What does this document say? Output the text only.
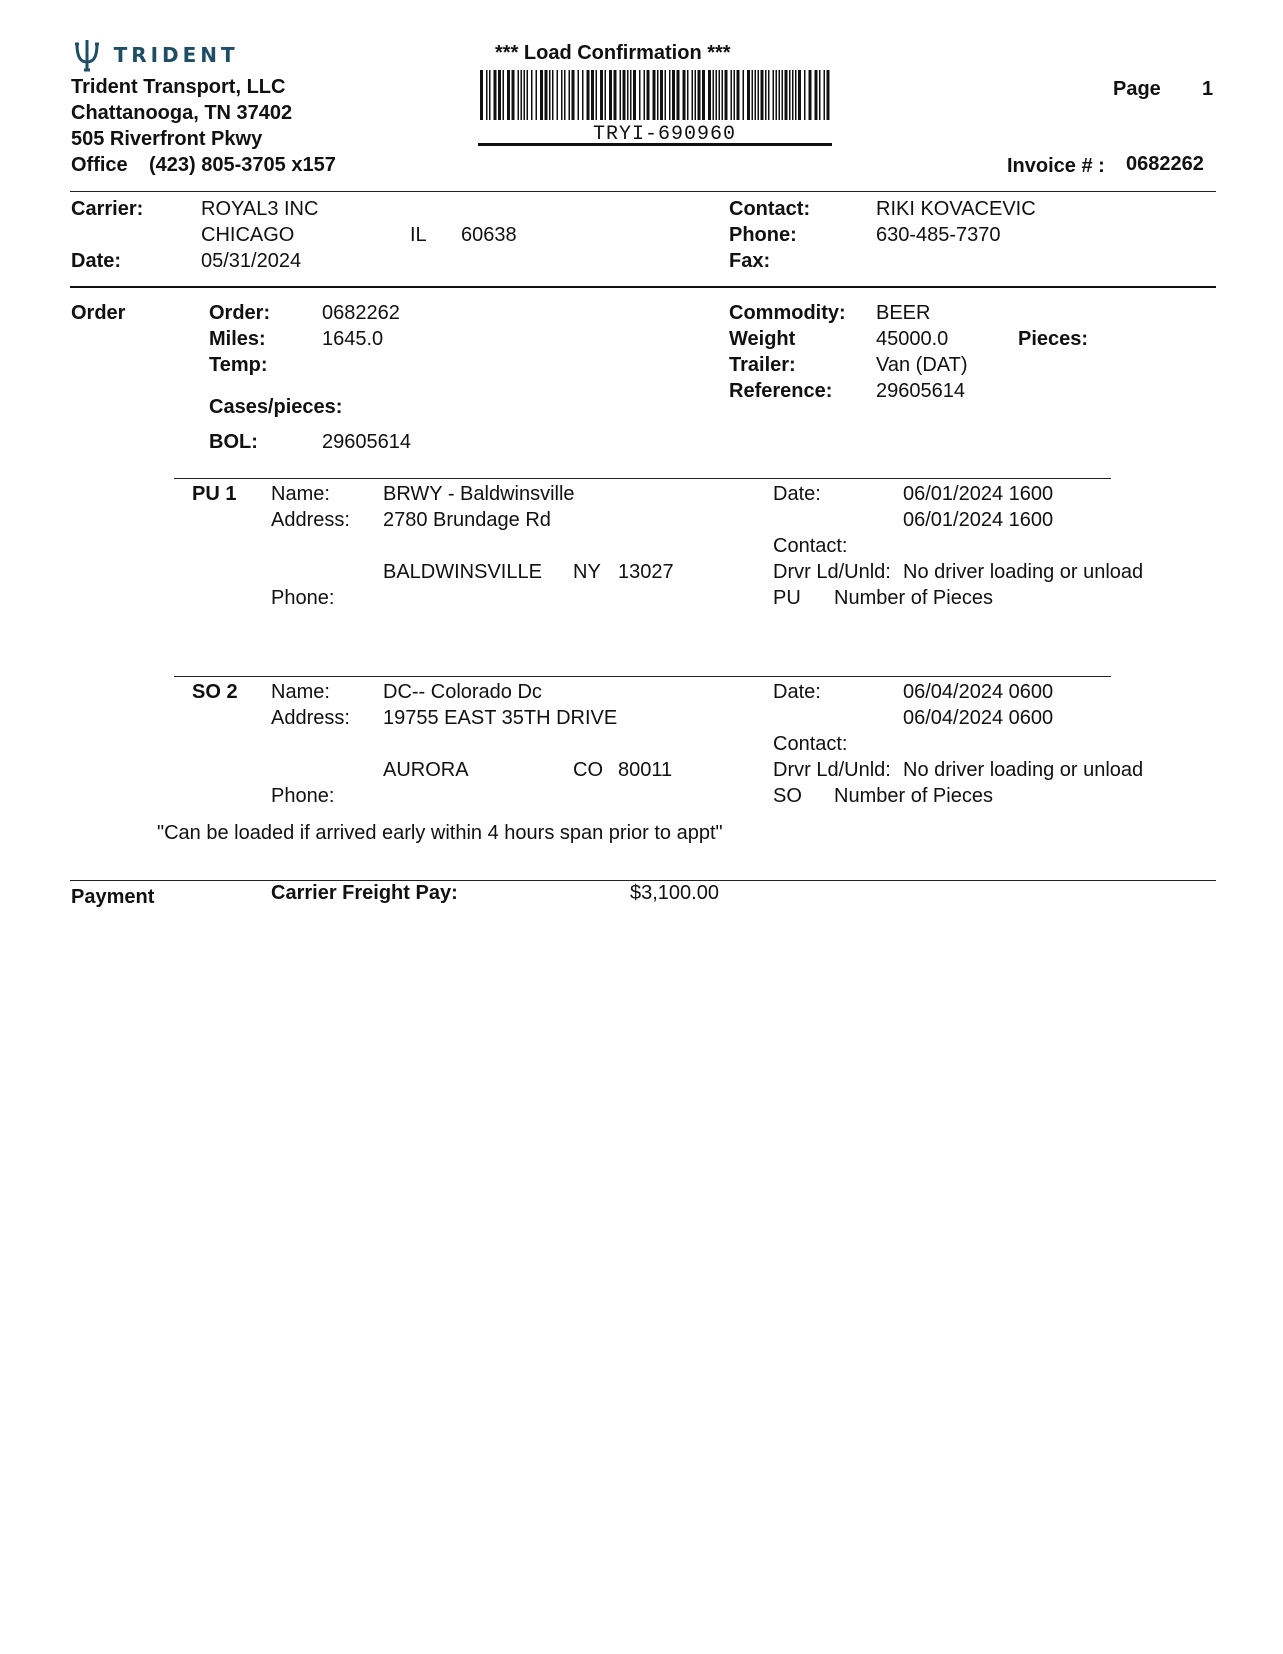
TRIDENT
Trident Transport, LLC
Chattanooga, TN 37402
505 Riverfront Pkwy
Office (423) 805-3705 x157
*** Load Confirmation ***
TRYI-690960
Page 1
Invoice # : 0682262
Carrier:	ROYAL3 INC
CHICAGO	IL 60638
Date:	05/31/2024
Contact:	RIKI KOVACEVIC
Phone:	630-485-7370
Fax:
Order	Order:	0682262
Miles:	1645.0
Temp:
Cases/pieces:
BOL:	29605614
Commodity: BEER
Weight	45000.0	Pieces:
Trailer:	Van (DAT)
Reference: 29605614
PU 1 Name:	BRWY - Baldwinsville
Address: 2780 Brundage Rd
BALDWINSVILLE NY 13027
Phone:
Date:	06/01/2024 1600
06/01/2024 1600
Contact:
Drvr Ld/Unld: No driver loading or unload
PU Number of Pieces
SO 2 Name:	DC-- Colorado Dc
Address: 19755 EAST 35TH DRIVE
AURORA	CO 80011
Phone:
Date:	06/04/2024 0600
06/04/2024 0600
Contact:
Drvr Ld/Unld: No driver loading or unload
SO Number of Pieces
"Can be loaded if arrived early within 4 hours span prior to appt"
Payment	Carrier Freight Pay:	$3,100.00
